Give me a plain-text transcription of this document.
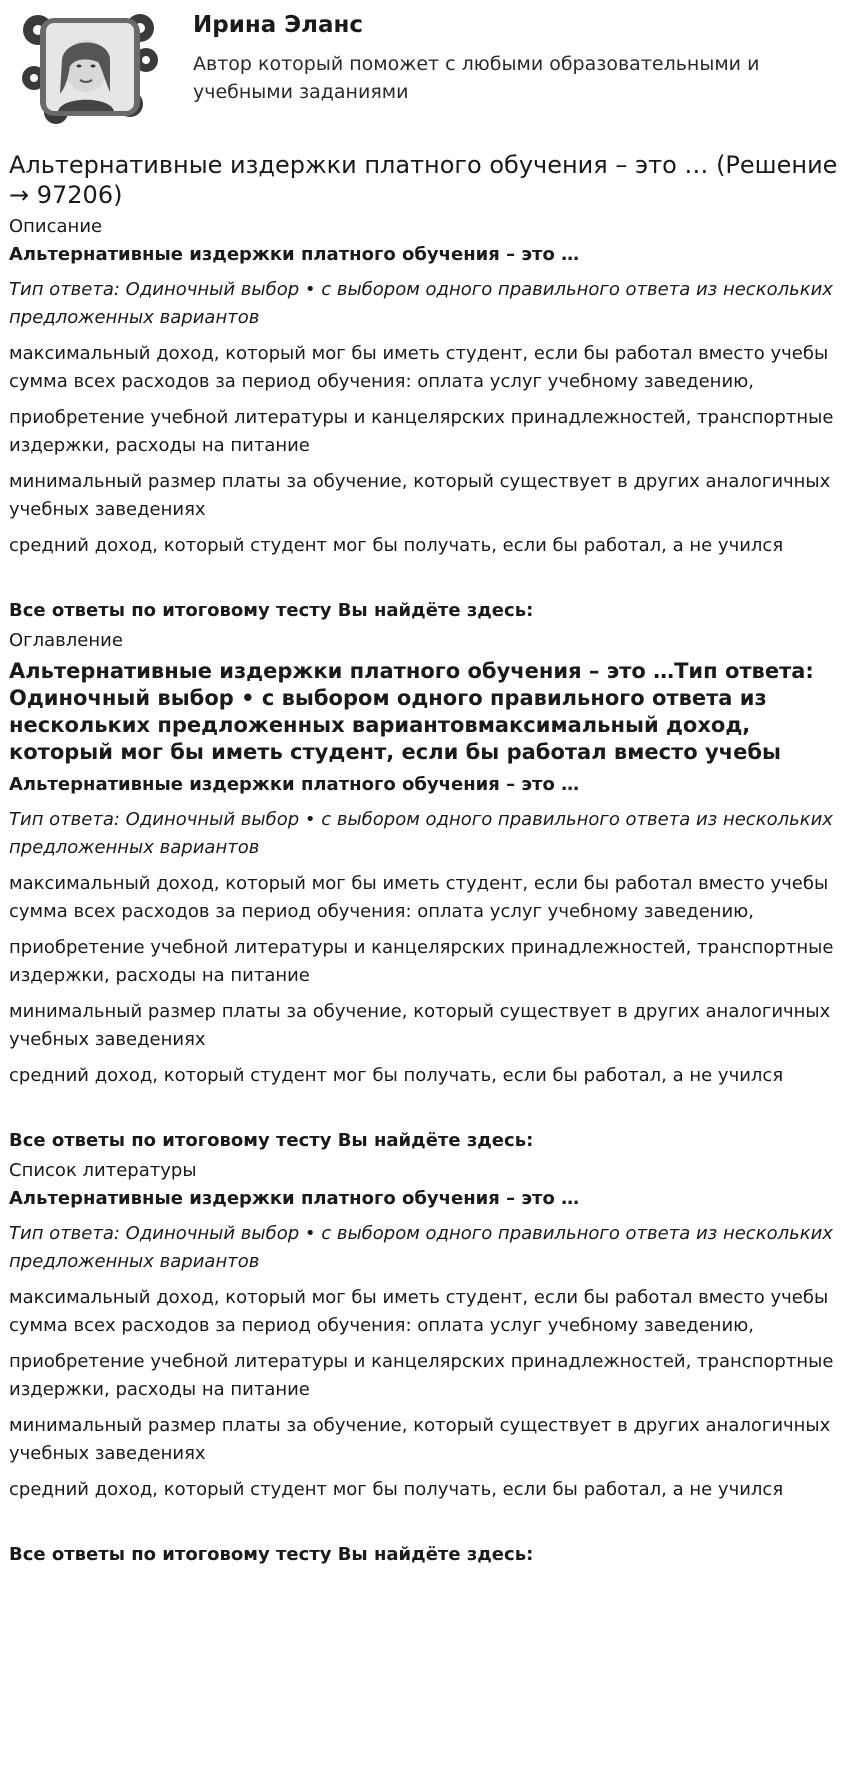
Ирина Эланс
Автор который поможет с любыми образовательными и учебными заданиями
Альтернативные издержки платного обучения – это … (Решение → 97206)
Описание
Альтернативные издержки платного обучения – это …
Тип ответа: Одиночный выбор • с выбором одного правильного ответа из нескольких предложенных вариантов
максимальный доход, который мог бы иметь студент, если бы работал вместо учебы сумма всех расходов за период обучения: оплата услуг учебному заведению,
приобретение учебной литературы и канцелярских принадлежностей, транспортные издержки, расходы на питание
минимальный размер платы за обучение, который существует в других аналогичных учебных заведениях
средний доход, который студент мог бы получать, если бы работал, а не учился
Все ответы по итоговому тесту Вы найдёте здесь:
Оглавление
Альтернативные издержки платного обучения – это …Тип ответа: Одиночный выбор • с выбором одного правильного ответа из нескольких предложенных вариантовмаксимальный доход, который мог бы иметь студент, если бы работал вместо учебы
Альтернативные издержки платного обучения – это …
Тип ответа: Одиночный выбор • с выбором одного правильного ответа из нескольких предложенных вариантов
максимальный доход, который мог бы иметь студент, если бы работал вместо учебы сумма всех расходов за период обучения: оплата услуг учебному заведению,
приобретение учебной литературы и канцелярских принадлежностей, транспортные издержки, расходы на питание
минимальный размер платы за обучение, который существует в других аналогичных учебных заведениях
средний доход, который студент мог бы получать, если бы работал, а не учился
Все ответы по итоговому тесту Вы найдёте здесь:
Список литературы
Альтернативные издержки платного обучения – это …
Тип ответа: Одиночный выбор • с выбором одного правильного ответа из нескольких предложенных вариантов
максимальный доход, который мог бы иметь студент, если бы работал вместо учебы сумма всех расходов за период обучения: оплата услуг учебному заведению,
приобретение учебной литературы и канцелярских принадлежностей, транспортные издержки, расходы на питание
минимальный размер платы за обучение, который существует в других аналогичных учебных заведениях
средний доход, который студент мог бы получать, если бы работал, а не учился
Все ответы по итоговому тесту Вы найдёте здесь:
